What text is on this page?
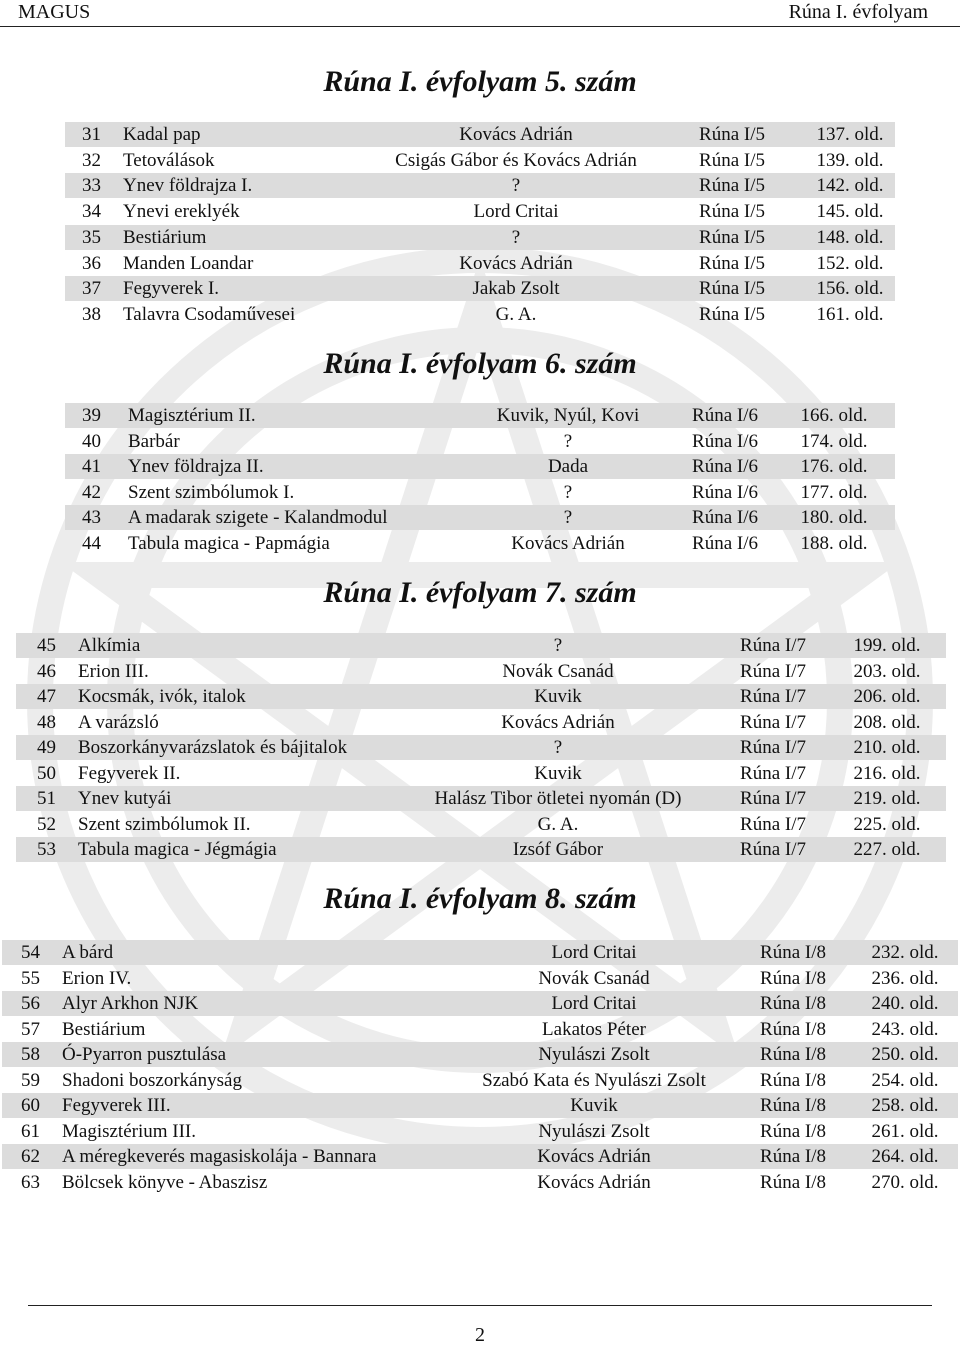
MAGUS	Rúna I. évfolyam
Rúna I. évfolyam 5. szám
31 Kadal pap	Kovács Adrián	Rúna I/5	137. old.
32 Tetoválások	Csigás Gábor és Kovács Adrián	Rúna I/5	139. old.
33 Ynev földrajza I.	?	Rúna I/5	142. old.
34 Ynevi ereklyék	Lord Critai	Rúna I/5	145. old.
35 Bestiárium	?	Rúna I/5	148. old.
36 Manden Loandar	Kovács Adrián	Rúna I/5	152. old.
37 Fegyverek I.	Jakab Zsolt	Rúna I/5	156. old.
38 Talavra Csodaművesei	G. A.	Rúna I/5	161. old.
Rúna I. évfolyam 6. szám
39 Magisztérium II.	Kuvik, Nyúl, Kovi	Rúna I/6	166. old.
40 Barbár	?	Rúna I/6	174. old.
41 Ynev földrajza II.	Dada	Rúna I/6	176. old.
42 Szent szimbólumok I.	?	Rúna I/6	177. old.
43 A madarak szigete - Kalandmodul	?	Rúna I/6	180. old.
44 Tabula magica - Papmágia	Kovács Adrián	Rúna I/6	188. old.
Rúna I. évfolyam 7. szám
45 Alkímia	?	Rúna I/7	199. old.
46 Erion III.	Novák Csanád	Rúna I/7	203. old.
47 Kocsmák, ivók, italok	Kuvik	Rúna I/7	206. old.
48 A varázsló	Kovács Adrián	Rúna I/7	208. old.
49 Boszorkányvarázslatok és bájitalok	?	Rúna I/7	210. old.
50 Fegyverek II.	Kuvik	Rúna I/7	216. old.
51 Ynev kutyái	Halász Tibor ötletei nyomán (D)	Rúna I/7	219. old.
52 Szent szimbólumok II.	G. A.	Rúna I/7	225. old.
53 Tabula magica - Jégmágia	Izsóf Gábor	Rúna I/7	227. old.
Rúna I. évfolyam 8. szám
54 A bárd	Lord Critai	Rúna I/8	232. old.
55 Erion IV.	Novák Csanád	Rúna I/8	236. old.
56 Alyr Arkhon NJK	Lord Critai	Rúna I/8	240. old.
57 Bestiárium	Lakatos Péter	Rúna I/8	243. old.
58 Ó-Pyarron pusztulása	Nyulászi Zsolt	Rúna I/8	250. old.
59 Shadoni boszorkányság	Szabó Kata és Nyulászi Zsolt	Rúna I/8	254. old.
60 Fegyverek III.	Kuvik	Rúna I/8	258. old.
61 Magisztérium III.	Nyulászi Zsolt	Rúna I/8	261. old.
62 A méregkeverés magasiskolája - Bannara	Kovács Adrián	Rúna I/8	264. old.
63 Bölcsek könyve - Abaszisz	Kovács Adrián	Rúna I/8	270. old.
2
